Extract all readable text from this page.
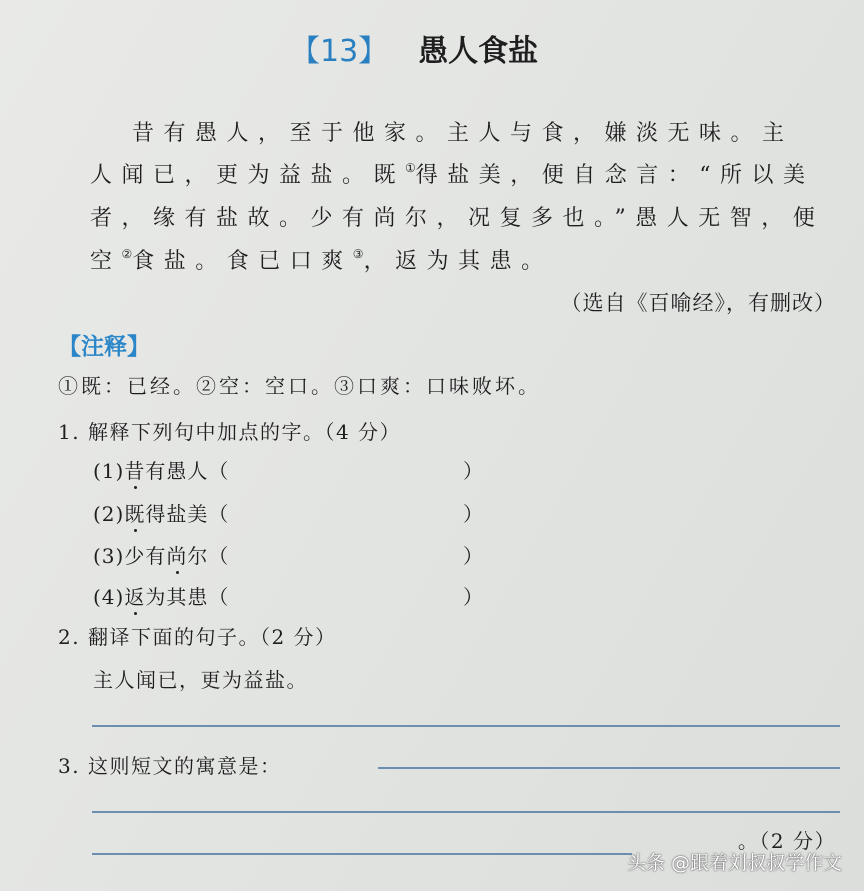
【13】 愚人食盐
昔有愚人，至于他家。主人与食，嫌淡无味。主
人闻已，更为益盐。既①得盐美，便自念言：“所以美
者，缘有盐故。少有尚尔，况复多也。”愚人无智，便
空②食盐。食已口爽③，返为其患。
（选自《百喻经》，有删改）
【注释】
①既：已经。②空：空口。③口爽：口味败坏。
1. 解释下列句中加点的字。（4 分）
(1)昔有愚人（	）
(2)既得盐美（	）
(3)少有尚尔（	）
(4)返为其患（	）
2. 翻译下面的句子。（2 分）
主人闻已，更为益盐。
3. 这则短文的寓意是：
。（2 分）
头条 @跟着刘叔叔学作文
